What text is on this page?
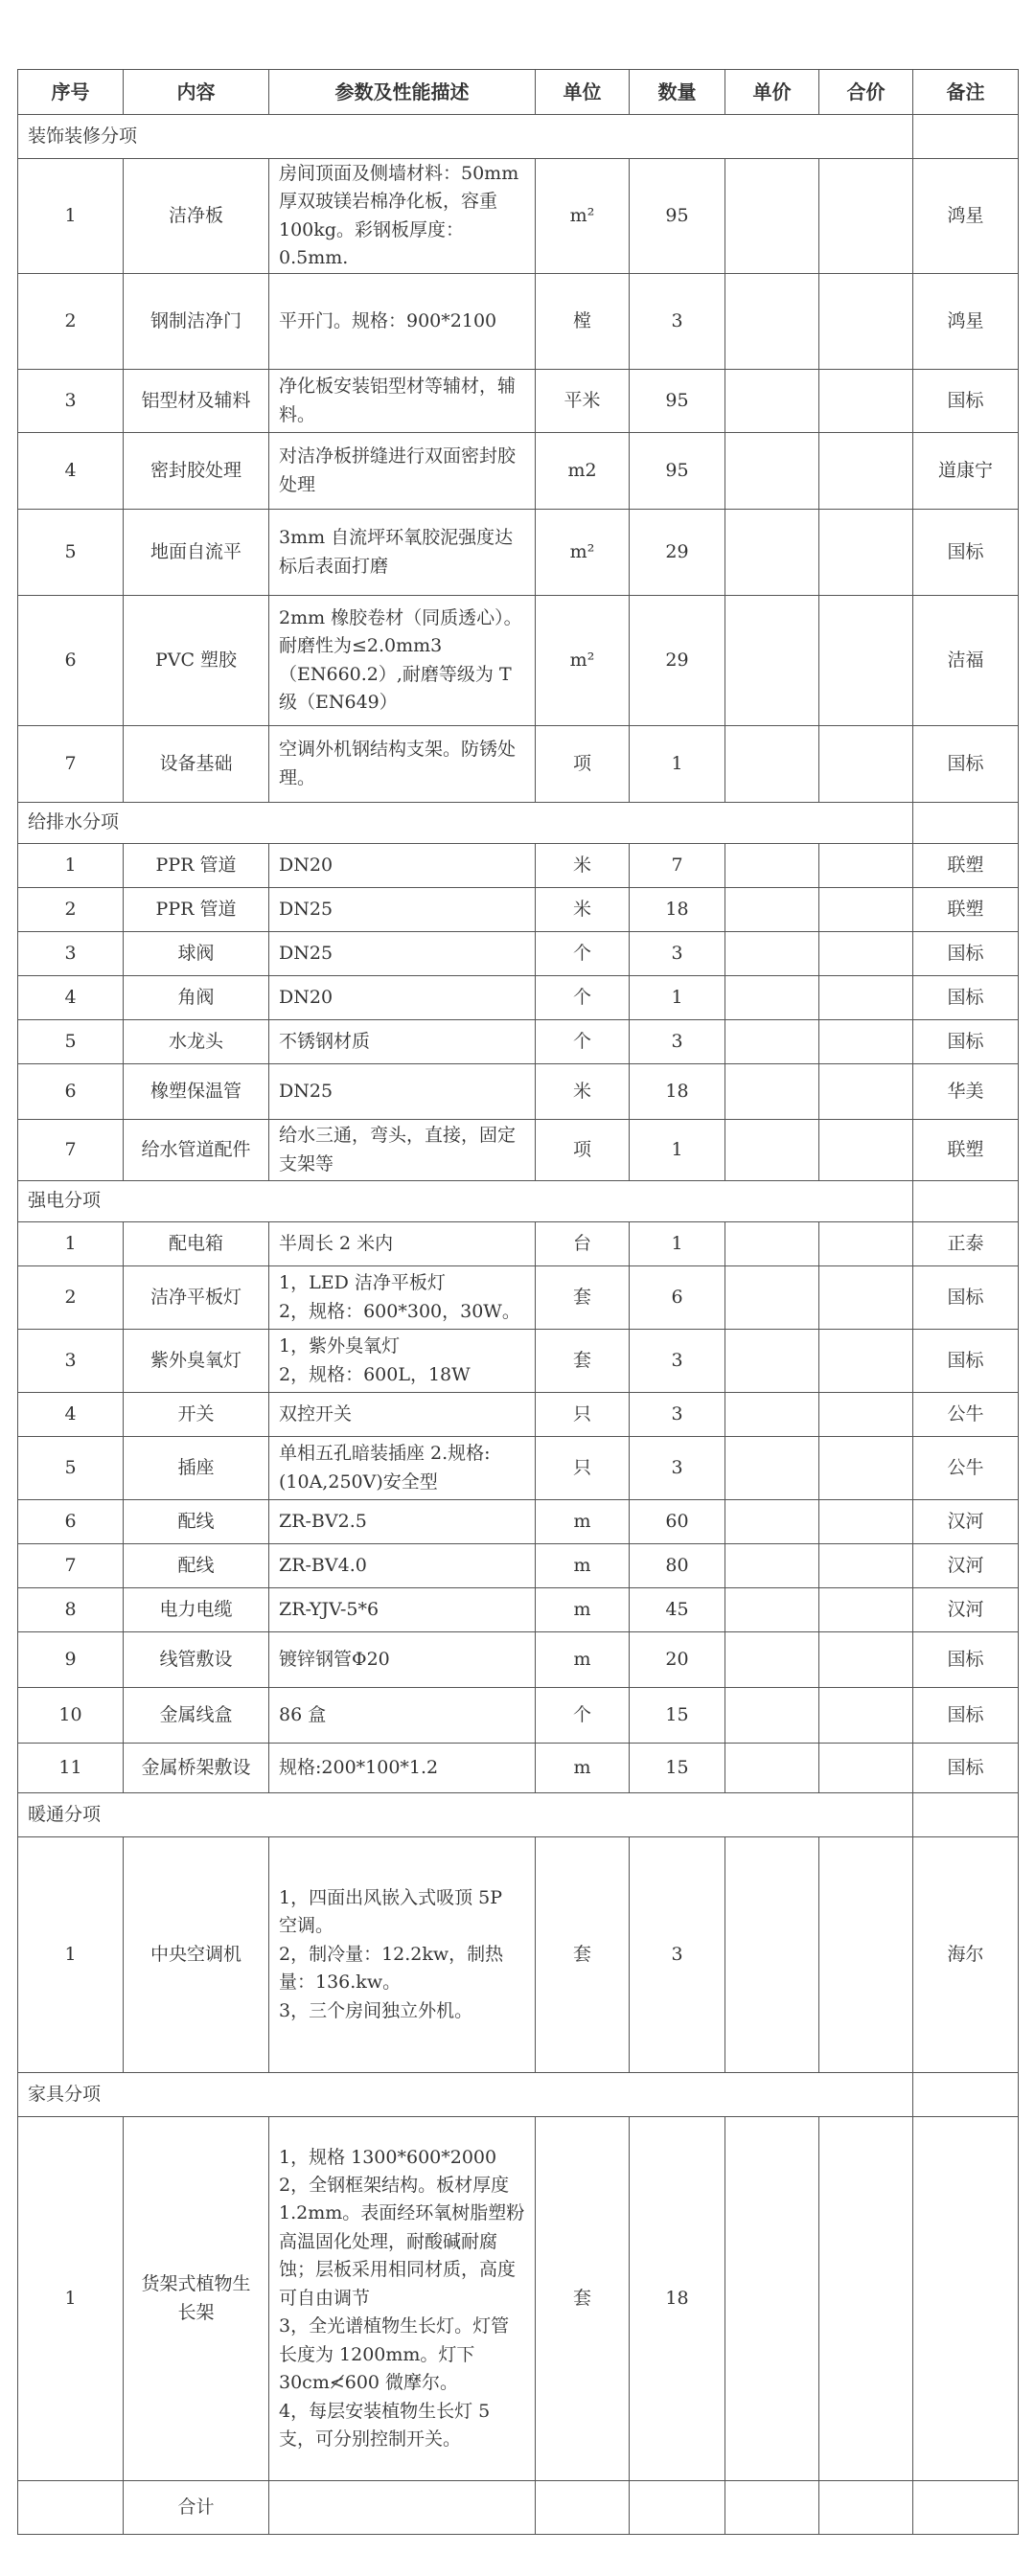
序号	内容	参数及性能描述	单位	数量	单价	合价	备注
装饰装修分项							
1	洁净板	房间顶面及侧墙材料：50mm厚双玻镁岩棉净化板，容重100kg。彩钢板厚度：0.5mm.	m²	95			鸿星
2	钢制洁净门	平开门。规格：900*2100	樘	3			鸿星
3	铝型材及辅料	净化板安装铝型材等辅材，辅料。	平米	95			国标
4	密封胶处理	对洁净板拼缝进行双面密封胶处理	m2	95			道康宁
5	地面自流平	3mm 自流坪环氧胶泥强度达标后表面打磨	m²	29			国标
6	PVC 塑胶	2mm 橡胶卷材（同质透心）。耐磨性为≤2.0mm3（EN660.2）,耐磨等级为 T级（EN649）	m²	29			洁福
7	设备基础	空调外机钢结构支架。防锈处理。	项	1			国标
给排水分项							
1	PPR 管道	DN20	米	7			联塑
2	PPR 管道	DN25	米	18			联塑
3	球阀	DN25	个	3			国标
4	角阀	DN20	个	1			国标
5	水龙头	不锈钢材质	个	3			国标
6	橡塑保温管	DN25	米	18			华美
7	给水管道配件	给水三通，弯头，直接，固定支架等	项	1			联塑
强电分项							
1	配电箱	半周长 2 米内	台	1			正泰
2	洁净平板灯	1，LED 洁净平板灯
2，规格：600*300，30W。	套	6			国标
3	紫外臭氧灯	1，紫外臭氧灯
2，规格：600L，18W	套	3			国标
4	开关	双控开关	只	3			公牛
5	插座	单相五孔暗装插座 2.规格:(10A,250V)安全型	只	3			公牛
6	配线	ZR-BV2.5	m	60			汉河
7	配线	ZR-BV4.0	m	80			汉河
8	电力电缆	ZR-YJV-5*6	m	45			汉河
9	线管敷设	镀锌钢管Φ20	m	20			国标
10	金属线盒	86 盒	个	15			国标
11	金属桥架敷设	规格:200*100*1.2	m	15			国标
暖通分项							
1	中央空调机	1，四面出风嵌入式吸顶 5P 空调。
2，制冷量：12.2kw，制热量：136.kw。
3，三个房间独立外机。	套	3			海尔
家具分项							
1	货架式植物生长架	1，规格 1300*600*2000
2，全钢框架结构。板材厚度1.2mm。表面经环氧树脂塑粉高温固化处理，耐酸碱耐腐蚀；层板采用相同材质，高度可自由调节
3，全光谱植物生长灯。灯管长度为 1200mm。灯下 30cm≮600 微摩尔。
4，每层安装植物生长灯 5 支，可分别控制开关。	套	18			
	合计						
